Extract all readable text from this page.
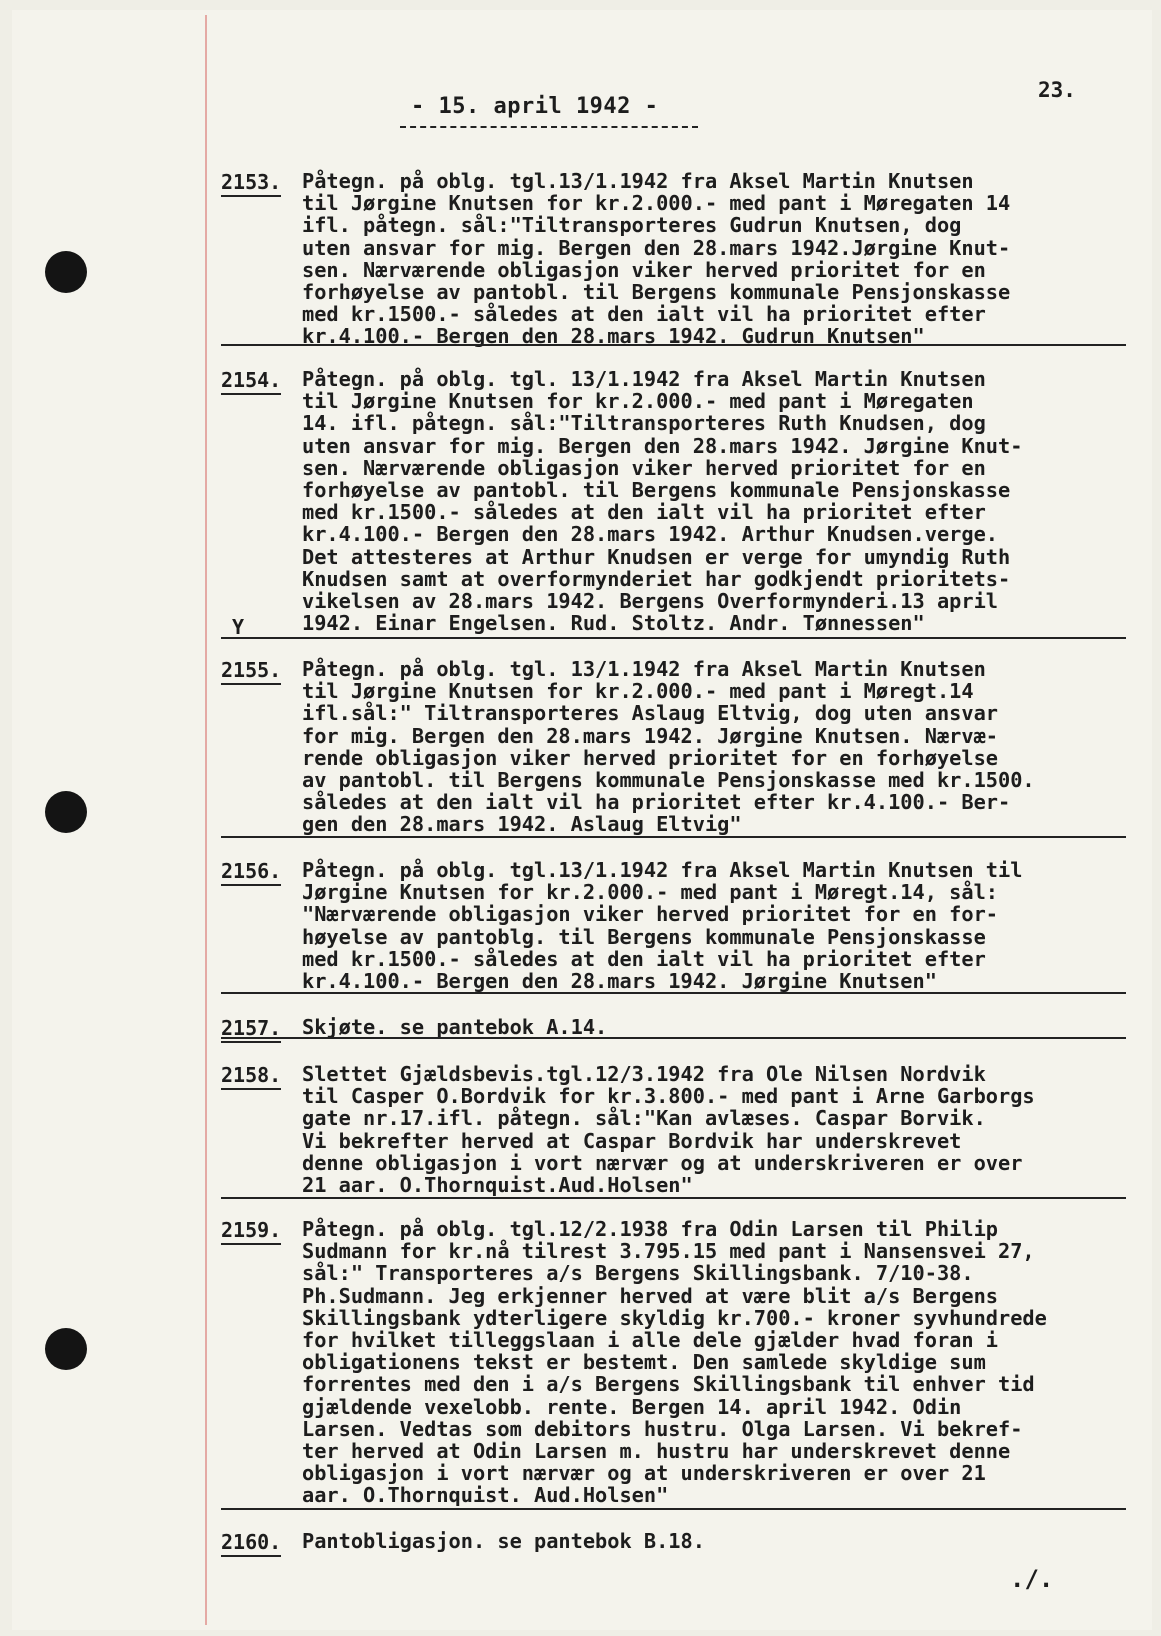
23.
- 15. april 1942 -
2153. Påtegn. på oblg. tgl.13/1.1942 fra Aksel Martin Knutsen
til Jørgine Knutsen for kr.2.000.- med pant i Møregaten 14
ifl. påtegn. sål:"Tiltransporteres Gudrun Knutsen, dog
uten ansvar for mig. Bergen den 28.mars 1942.Jørgine Knut-
sen. Nærværende obligasjon viker herved prioritet for en
forhøyelse av pantobl. til Bergens kommunale Pensjonskasse
med kr.1500.- således at den ialt vil ha prioritet efter
kr.4.100.- Bergen den 28.mars 1942. Gudrun Knutsen"
2154. Påtegn. på oblg. tgl. 13/1.1942 fra Aksel Martin Knutsen
til Jørgine Knutsen for kr.2.000.- med pant i Møregaten
14. ifl. påtegn. sål:"Tiltransporteres Ruth Knudsen, dog
uten ansvar for mig. Bergen den 28.mars 1942. Jørgine Knut-
sen. Nærværende obligasjon viker herved prioritet for en
forhøyelse av pantobl. til Bergens kommunale Pensjonskasse
med kr.1500.- således at den ialt vil ha prioritet efter
kr.4.100.- Bergen den 28.mars 1942. Arthur Knudsen.verge.
Det attesteres at Arthur Knudsen er verge for umyndig Ruth
Knudsen samt at overformynderiet har godkjendt prioritets-
vikelsen av 28.mars 1942. Bergens Overformynderi.13 april
1942. Einar Engelsen. Rud. Stoltz. Andr. Tønnessen"
Y
2155. Påtegn. på oblg. tgl. 13/1.1942 fra Aksel Martin Knutsen
til Jørgine Knutsen for kr.2.000.- med pant i Møregt.14
ifl.sål:" Tiltransporteres Aslaug Eltvig, dog uten ansvar
for mig. Bergen den 28.mars 1942. Jørgine Knutsen. Nærvæ-
rende obligasjon viker herved prioritet for en forhøyelse
av pantobl. til Bergens kommunale Pensjonskasse med kr.1500.
således at den ialt vil ha prioritet efter kr.4.100.- Ber-
gen den 28.mars 1942. Aslaug Eltvig"
2156. Påtegn. på oblg. tgl.13/1.1942 fra Aksel Martin Knutsen til
Jørgine Knutsen for kr.2.000.- med pant i Møregt.14, sål:
"Nærværende obligasjon viker herved prioritet for en for-
høyelse av pantoblg. til Bergens kommunale Pensjonskasse
med kr.1500.- således at den ialt vil ha prioritet efter
kr.4.100.- Bergen den 28.mars 1942. Jørgine Knutsen"
2157. Skjøte. se pantebok A.14.
2158. Slettet Gjældsbevis.tgl.12/3.1942 fra Ole Nilsen Nordvik
til Casper O.Bordvik for kr.3.800.- med pant i Arne Garborgs
gate nr.17.ifl. påtegn. sål:"Kan avlæses. Caspar Borvik.
Vi bekrefter herved at Caspar Bordvik har underskrevet
denne obligasjon i vort nærvær og at underskriveren er over
21 aar. O.Thornquist.Aud.Holsen"
2159. Påtegn. på oblg. tgl.12/2.1938 fra Odin Larsen til Philip
Sudmann for kr.nå tilrest 3.795.15 med pant i Nansensvei 27,
sål:" Transporteres a/s Bergens Skillingsbank. 7/10-38.
Ph.Sudmann. Jeg erkjenner herved at være blit a/s Bergens
Skillingsbank ydterligere skyldig kr.700.- kroner syvhundrede
for hvilket tilleggslaan i alle dele gjælder hvad foran i
obligationens tekst er bestemt. Den samlede skyldige sum
forrentes med den i a/s Bergens Skillingsbank til enhver tid
gjældende vexelobb. rente. Bergen 14. april 1942. Odin
Larsen. Vedtas som debitors hustru. Olga Larsen. Vi bekref-
ter herved at Odin Larsen m. hustru har underskrevet denne
obligasjon i vort nærvær og at underskriveren er over 21
aar. O.Thornquist. Aud.Holsen"
2160. Pantobligasjon. se pantebok B.18.
./.
